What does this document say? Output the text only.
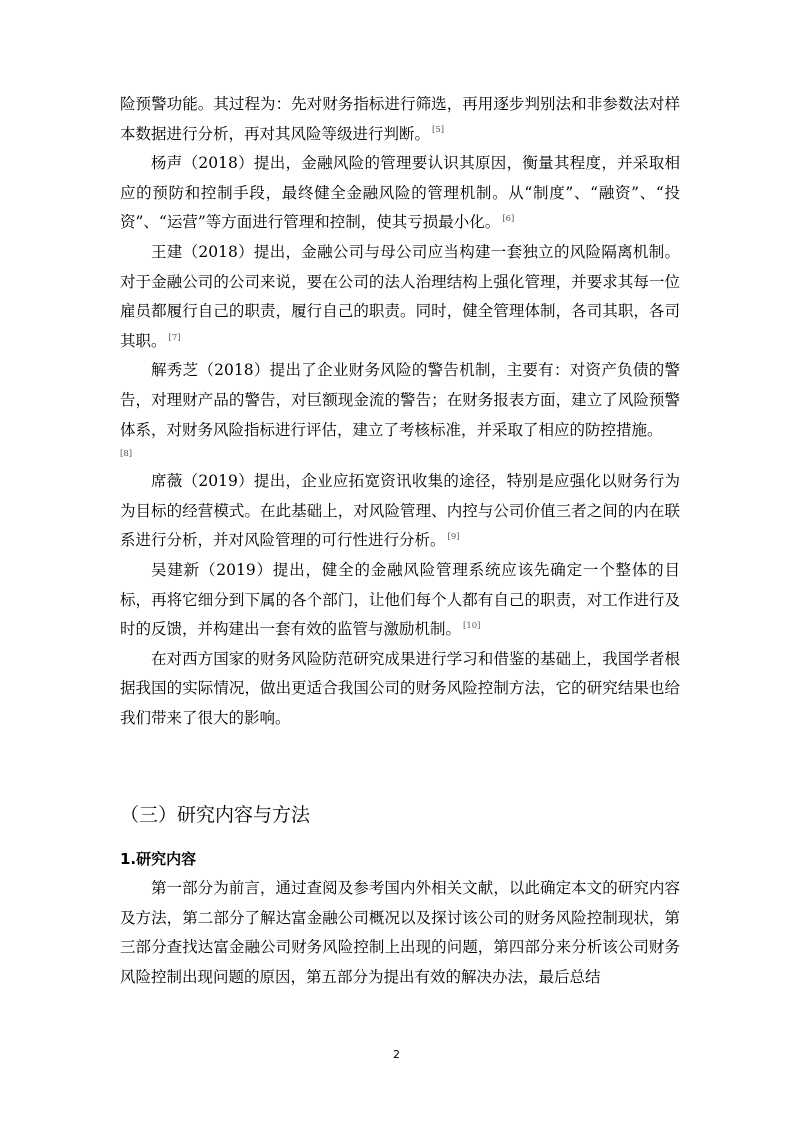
险预警功能。其过程为：先对财务指标进行筛选，再用逐步判别法和非参数法对样本数据进行分析，再对其风险等级进行判断。 [5]

杨声（2018）提出，金融风险的管理要认识其原因，衡量其程度，并采取相应的预防和控制手段，最终健全金融风险的管理机制。从“制度”、“融资”、“投资”、“运营”等方面进行管理和控制，使其亏损最小化。 [6]

王建（2018）提出，金融公司与母公司应当构建一套独立的风险隔离机制。对于金融公司的公司来说，要在公司的法人治理结构上强化管理，并要求其每一位雇员都履行自己的职责，履行自己的职责。同时，健全管理体制，各司其职，各司其职。 [7]

解秀芝（2018）提出了企业财务风险的警告机制，主要有：对资产负债的警告，对理财产品的警告，对巨额现金流的警告；在财务报表方面，建立了风险预警体系，对财务风险指标进行评估，建立了考核标准，并采取了相应的防控措施。
[8]

席薇（2019）提出，企业应拓宽资讯收集的途径，特别是应强化以财务行为为目标的经营模式。在此基础上，对风险管理、内控与公司价值三者之间的内在联系进行分析，并对风险管理的可行性进行分析。 [9]

吴建新（2019）提出，健全的金融风险管理系统应该先确定一个整体的目标，再将它细分到下属的各个部门，让他们每个人都有自己的职责，对工作进行及时的反馈，并构建出一套有效的监管与激励机制。 [10]

在对西方国家的财务风险防范研究成果进行学习和借鉴的基础上，我国学者根据我国的实际情况，做出更适合我国公司的财务风险控制方法，它的研究结果也给我们带来了很大的影响。

（三）研究内容与方法
1.研究内容

第一部分为前言，通过查阅及参考国内外相关文献，以此确定本文的研究内容及方法，第二部分了解达富金融公司概况以及探讨该公司的财务风险控制现状，第三部分查找达富金融公司财务风险控制上出现的问题，第四部分来分析该公司财务风险控制出现问题的原因，第五部分为提出有效的解决办法，最后总结

2
